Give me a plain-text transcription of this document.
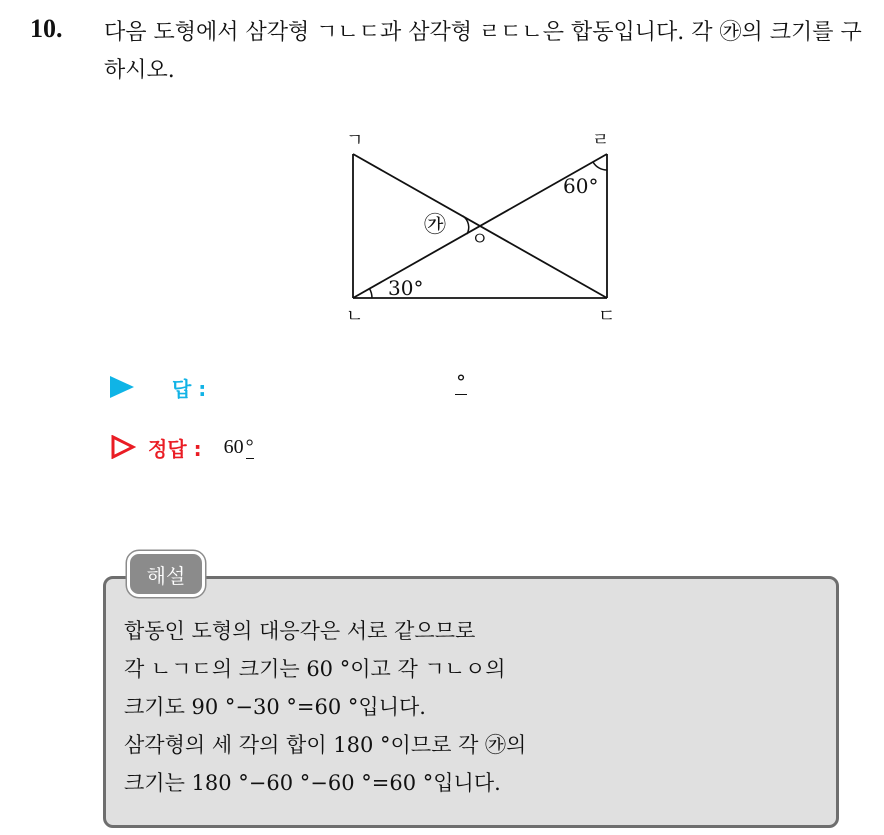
10. 다음 도형에서 삼각형 ㄱㄴㄷ과 삼각형 ㄹㄷㄴ은 합동입니다. 각 ㉮의 크기를 구하시오.
ㄱ	ㄹ
ㄴ	ㄷ
ㅇ
60°
30°
㉮
답 :	°
정답 : 60 °
해설
합동인 도형의 대응각은 서로 같으므로
각 ㄴㄱㄷ의 크기는 60 °이고 각 ㄱㄴㅇ의
크기도 90 °−30 °=60 °입니다.
삼각형의 세 각의 합이 180 °이므로 각 ㉮의
크기는 180 °−60 °−60 °=60 °입니다.
